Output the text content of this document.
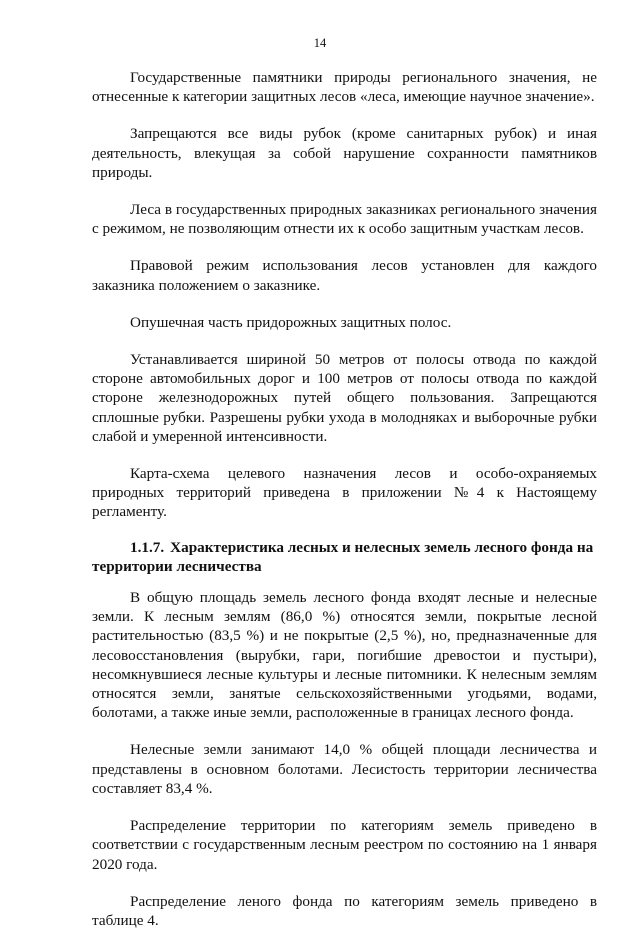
14

Государственные памятники природы регионального значения, не отнесенные к категории защитных лесов «леса, имеющие научное значение».

Запрещаются все виды рубок (кроме санитарных рубок) и иная деятельность, влекущая за собой нарушение сохранности памятников природы.

Леса в государственных природных заказниках регионального значения с режимом, не позволяющим отнести их к особо защитным участкам лесов.

Правовой режим использования лесов установлен для каждого заказника положением о заказнике.

Опушечная часть придорожных защитных полос.

Устанавливается шириной 50 метров от полосы отвода по каждой стороне автомобильных дорог и 100 метров от полосы отвода по каждой стороне железнодорожных путей общего пользования. Запрещаются сплошные рубки. Разрешены рубки ухода в молодняках и выборочные рубки слабой и умеренной интенсивности.

Карта-схема целевого назначения лесов и особо-охраняемых природных территорий приведена в приложении №4 к Настоящему регламенту.

1.1.7. Характеристика лесных и нелесных земель лесного фонда на территории лесничества

В общую площадь земель лесного фонда входят лесные и нелесные земли. К лесным землям (86,0 %) относятся земли, покрытые лесной растительностью (83,5 %) и не покрытые (2,5 %), но, предназначенные для лесовосстановления (вырубки, гари, погибшие древостои и пустыри), несомкнувшиеся лесные культуры и лесные питомники. К нелесным землям относятся земли, занятые сельскохозяйственными угодьями, водами, болотами, а также иные земли, расположенные в границах лесного фонда.

Нелесные земли занимают 14,0 % общей площади лесничества и представлены в основном болотами. Лесистость территории лесничества составляет 83,4 %.

Распределение территории по категориям земель приведено в соответствии с государственным лесным реестром по состоянию на 1 января 2020 года.

Распределение леного фонда по категориям земель приведено в таблице 4.
